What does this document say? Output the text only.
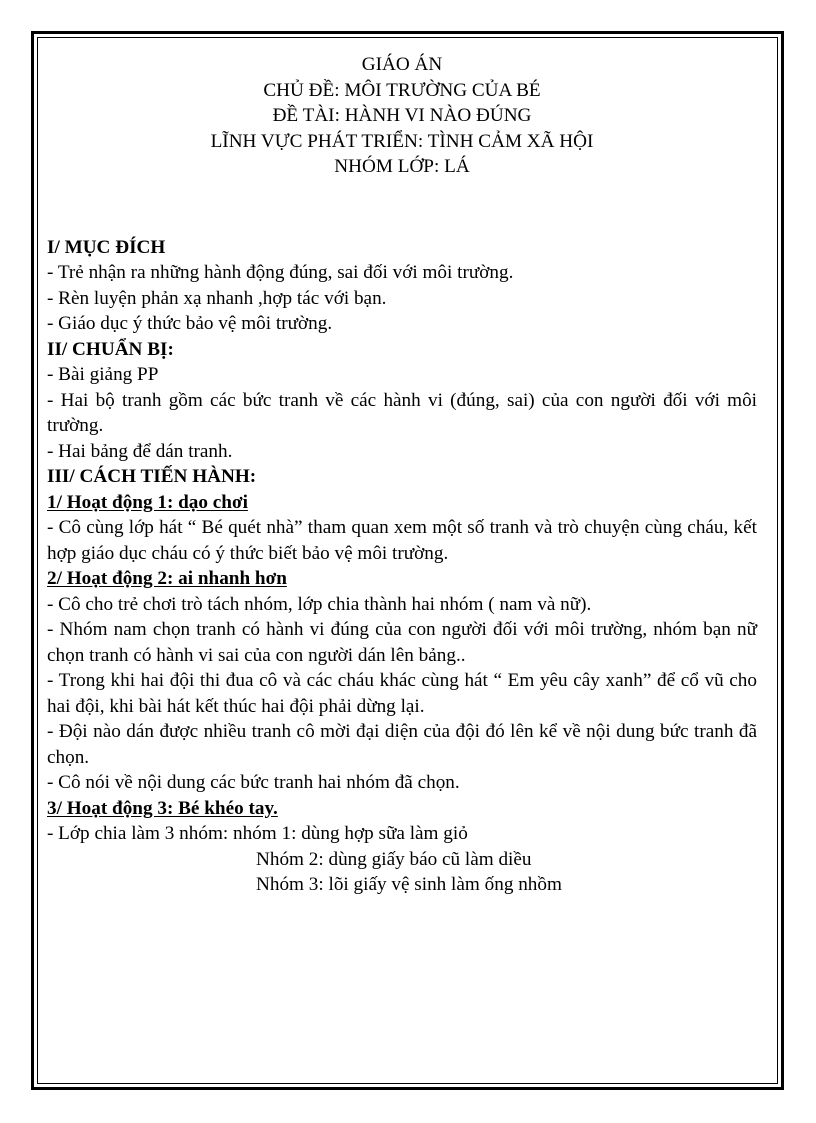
GIÁO ÁN
CHỦ ĐỀ: MÔI TRƯỜNG CỦA BÉ
ĐỀ TÀI: HÀNH VI NÀO ĐÚNG
LĨNH VỰC PHÁT TRIỂN: TÌNH CẢM XÃ HỘI
NHÓM LỚP: LÁ
I/ MỤC ĐÍCH
- Trẻ nhận ra những hành động đúng, sai đối với môi trường.
- Rèn luyện phản xạ nhanh ,hợp tác với bạn.
- Giáo dục ý thức bảo vệ môi trường.
II/ CHUẨN BỊ:
- Bài giảng PP
- Hai bộ tranh gồm các bức tranh về các hành vi (đúng, sai) của con người đối với môi trường.
- Hai bảng để dán tranh.
III/ CÁCH TIẾN HÀNH:
1/ Hoạt động 1: dạo chơi
- Cô cùng lớp hát “ Bé quét nhà” tham quan xem một số tranh và trò chuyện cùng cháu, kết hợp giáo dục cháu có ý thức biết bảo vệ môi trường.
2/ Hoạt động 2: ai nhanh hơn
- Cô cho trẻ chơi trò tách nhóm, lớp chia thành hai nhóm ( nam và nữ).
- Nhóm nam chọn tranh có hành vi đúng của con người đối với môi trường, nhóm bạn nữ chọn tranh có hành vi sai của con người dán lên bảng..
- Trong khi hai đội thi đua cô và các cháu khác cùng hát “ Em yêu cây xanh” để cổ vũ cho hai đội, khi bài hát kết thúc hai đội phải dừng lại.
- Đội nào dán được nhiều tranh cô mời đại diện của đội đó lên kể về nội dung bức tranh đã chọn.
- Cô nói về nội dung các bức tranh hai nhóm đã chọn.
3/ Hoạt động 3: Bé khéo tay.
- Lớp chia làm 3 nhóm: nhóm 1: dùng hợp sữa làm giỏ
Nhóm 2: dùng giấy báo cũ làm diều
Nhóm 3: lõi giấy vệ sinh làm ống nhồm
